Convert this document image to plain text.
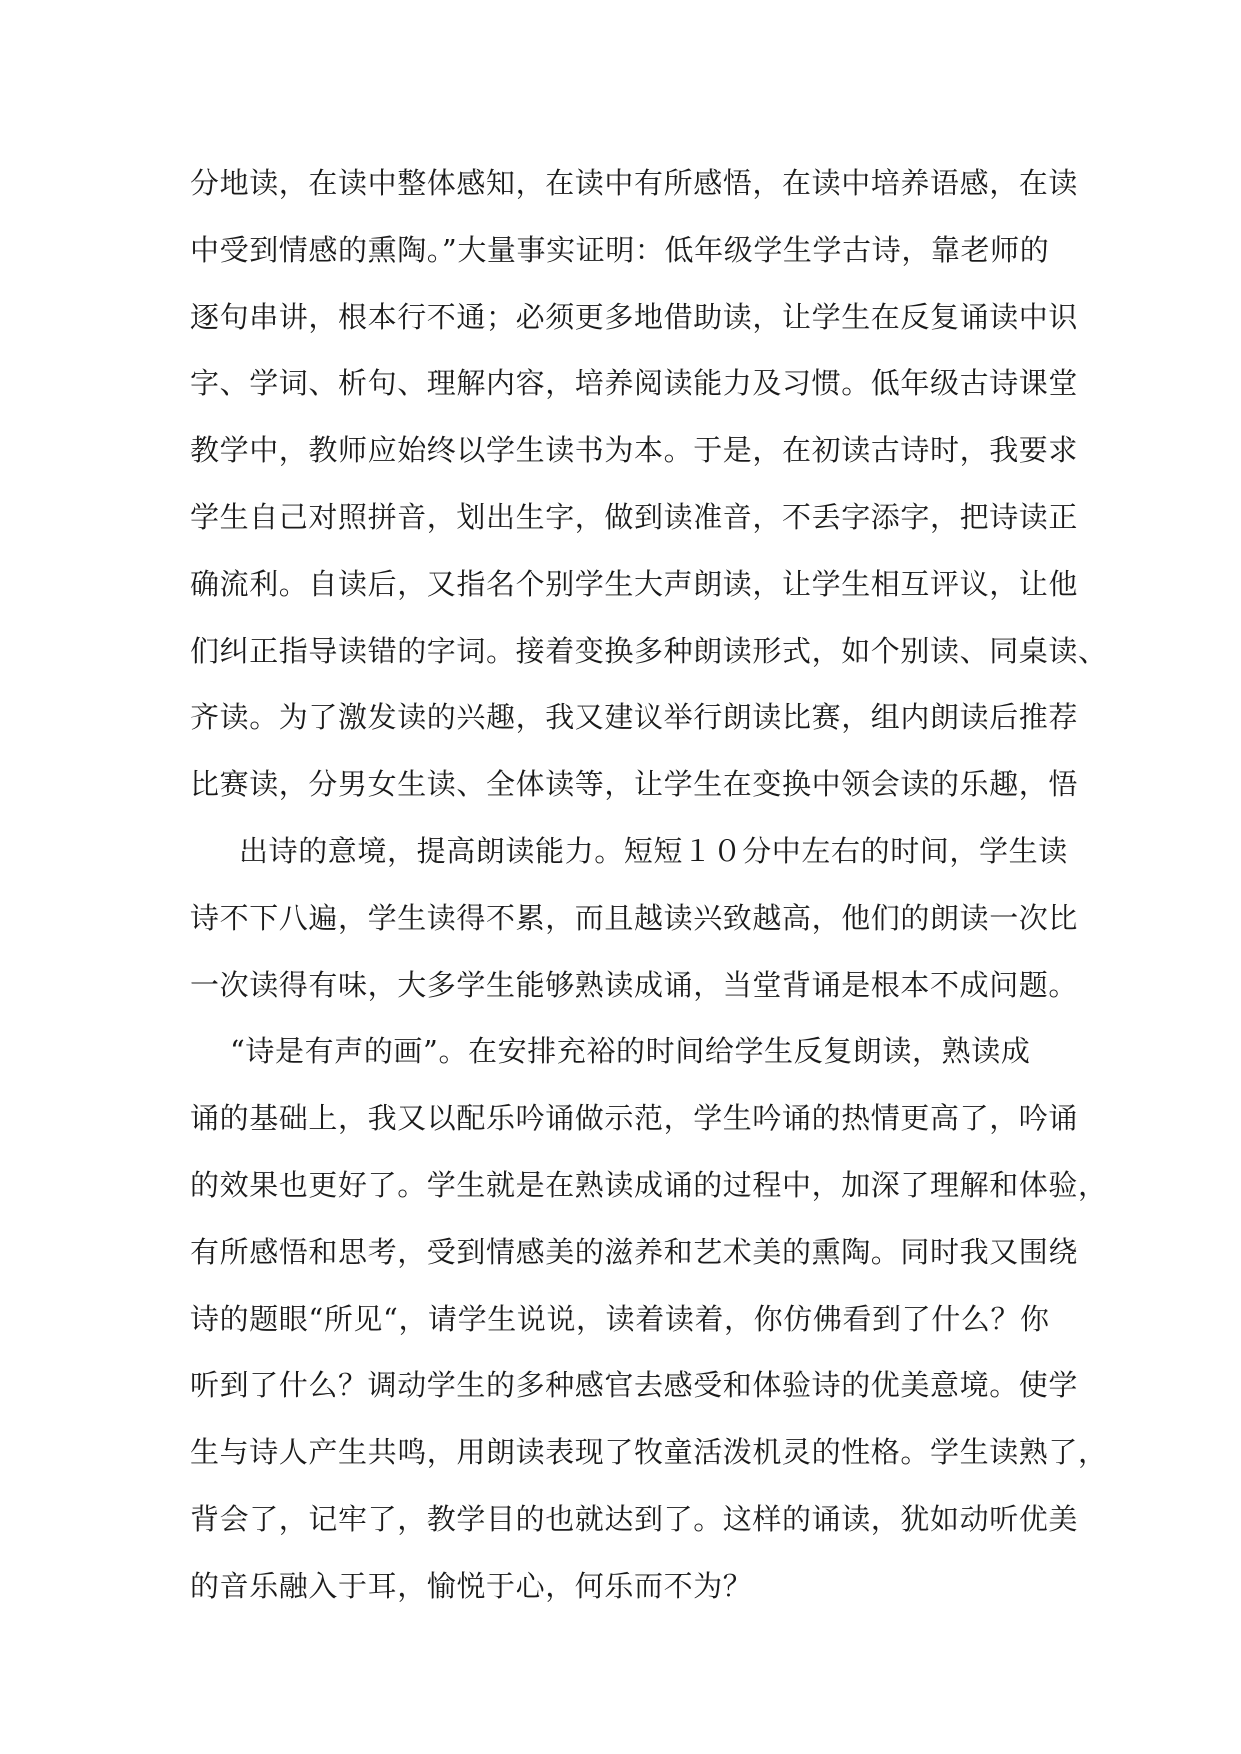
分地读，在读中整体感知，在读中有所感悟，在读中培养语感，在读
中受到情感的熏陶。”大量事实证明：低年级学生学古诗，靠老师的
逐句串讲，根本行不通；必须更多地借助读，让学生在反复诵读中识
字、学词、析句、理解内容，培养阅读能力及习惯。低年级古诗课堂
教学中，教师应始终以学生读书为本。于是，在初读古诗时，我要求
学生自己对照拼音，划出生字，做到读准音，不丢字添字，把诗读正
确流利。自读后，又指名个别学生大声朗读，让学生相互评议，让他
们纠正指导读错的字词。接着变换多种朗读形式，如个别读、同桌读、
齐读。为了激发读的兴趣，我又建议举行朗读比赛，组内朗读后推荐
比赛读，分男女生读、全体读等，让学生在变换中领会读的乐趣，悟
出诗的意境，提高朗读能力。短短１０分中左右的时间，学生读
诗不下八遍，学生读得不累，而且越读兴致越高，他们的朗读一次比
一次读得有味，大多学生能够熟读成诵，当堂背诵是根本不成问题。
“诗是有声的画”。在安排充裕的时间给学生反复朗读，熟读成
诵的基础上，我又以配乐吟诵做示范，学生吟诵的热情更高了，吟诵
的效果也更好了。学生就是在熟读成诵的过程中，加深了理解和体验，
有所感悟和思考，受到情感美的滋养和艺术美的熏陶。同时我又围绕
诗的题眼“所见“，请学生说说，读着读着，你仿佛看到了什么？你
听到了什么？调动学生的多种感官去感受和体验诗的优美意境。使学
生与诗人产生共鸣，用朗读表现了牧童活泼机灵的性格。学生读熟了，
背会了，记牢了，教学目的也就达到了。这样的诵读，犹如动听优美
的音乐融入于耳，愉悦于心，何乐而不为？
